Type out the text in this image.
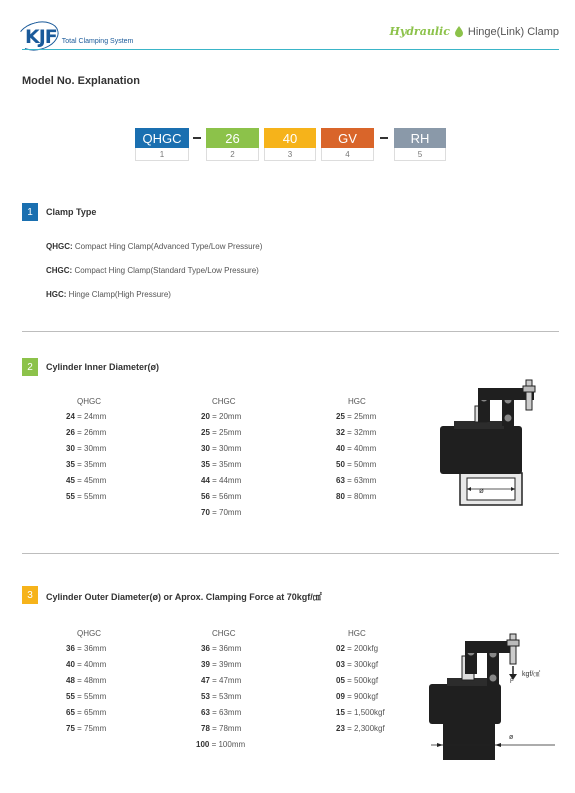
KJF Total Clamping System
Hydraulic Hinge(Link) Clamp
Model No. Explanation
QHGC
1
26
2
40
3
GV
4
RH
5
1	Clamp Type
QHGC: Compact Hing Clamp(Advanced Type/Low Pressure)
CHGC: Compact Hing Clamp(Standard Type/Low Pressure)
HGC: Hinge Clamp(High Pressure)
2	Cylinder Inner Diameter(ø)
QHGC
24 = 24mm
26 = 26mm
30 = 30mm
35 = 35mm
45 = 45mm
55 = 55mm
CHGC
20 = 20mm
25 = 25mm
30 = 30mm
35 = 35mm
44 = 44mm
56 = 56mm
70 = 70mm
HGC
25 = 25mm
32 = 32mm
40 = 40mm
50 = 50mm
63 = 63mm
80 = 80mm
ø
3	Cylinder Outer Diameter(ø) or Aprox. Clamping Force at 70kgf/㎠
QHGC
36 = 36mm
40 = 40mm
48 = 48mm
55 = 55mm
65 = 65mm
75 = 75mm
CHGC
36 = 36mm
39 = 39mm
47 = 47mm
53 = 53mm
63 = 63mm
78 = 78mm
100 = 100mm
HGC
02 = 200kfg
03 = 300kgf
05 = 500kgf
09 = 900kgf
15 = 1,500kgf
23 = 2,300kgf
F
kgf/㎠
ø
